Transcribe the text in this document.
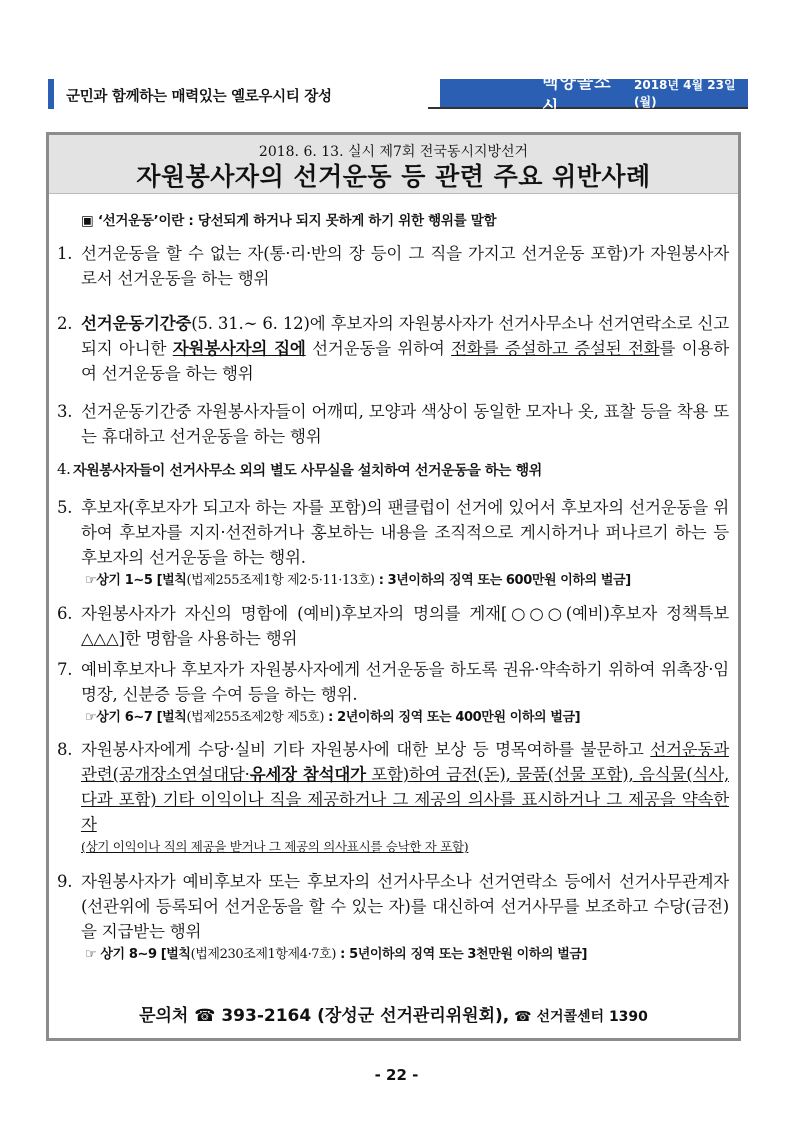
군민과 함께하는 매력있는 옐로우시티 장성
백양골소식
2018년 4월 23일(월)
2018. 6. 13. 실시 제7회 전국동시지방선거
자원봉사자의 선거운동 등 관련 주요 위반사례
▣ ‘선거운동’이란 : 당선되게 하거나 되지 못하게 하기 위한 행위를 말함
1. 선거운동을 할 수 없는 자(통·리·반의 장 등이 그 직을 가지고 선거운동 포함)가 자원봉사자로서 선거운동을 하는 행위
2. 선거운동기간중(5. 31.∼ 6. 12)에 후보자의 자원봉사자가 선거사무소나 선거연락소로 신고 되지 아니한 자원봉사자의 집에 선거운동을 위하여 전화를 증설하고 증설된 전화를 이용하여 선거운동을 하는 행위
3. 선거운동기간중 자원봉사자들이 어깨띠, 모양과 색상이 동일한 모자나 옷, 표찰 등을 착용 또는 휴대하고 선거운동을 하는 행위
4. 자원봉사자들이 선거사무소 외의 별도 사무실을 설치하여 선거운동을 하는 행위
5. 후보자(후보자가 되고자 하는 자를 포함)의 팬클럽이 선거에 있어서 후보자의 선거운동을 위하여 후보자를 지지·선전하거나 홍보하는 내용을 조직적으로 게시하거나 퍼나르기 하는 등 후보자의 선거운동을 하는 행위.
☞상기 1∼5 [벌칙(법제255조제1항 제2·5·11·13호) : 3년이하의 징역 또는 600만원 이하의 벌금]
6. 자원봉사자가 자신의 명함에 (예비)후보자의 명의를 게재[○○○(예비)후보자 정책특보 △△△]한 명함을 사용하는 행위
7. 예비후보자나 후보자가 자원봉사자에게 선거운동을 하도록 권유·약속하기 위하여 위촉장·임명장, 신분증 등을 수여 등을 하는 행위.
☞상기 6∼7 [벌칙(법제255조제2항 제5호) : 2년이하의 징역 또는 400만원 이하의 벌금]
8. 자원봉사자에게 수당·실비 기타 자원봉사에 대한 보상 등 명목여하를 불문하고 선거운동과 관련(공개장소연설대담·유세장 참석대가 포함)하여 금전(돈), 물품(선물 포함), 음식물(식사, 다과 포함) 기타 이익이나 직을 제공하거나 그 제공의 의사를 표시하거나 그 제공을 약속한 자
(상기 이익이나 직의 제공을 받거나 그 제공의 의사표시를 승낙한 자 포함)
9. 자원봉사자가 예비후보자 또는 후보자의 선거사무소나 선거연락소 등에서 선거사무관계자(선관위에 등록되어 선거운동을 할 수 있는 자)를 대신하여 선거사무를 보조하고 수당(금전)을 지급받는 행위
☞ 상기 8∼9 [벌칙(법제230조제1항제4·7호) : 5년이하의 징역 또는 3천만원 이하의 벌금]
문의처 ☎ 393-2164 (장성군 선거관리위원회), ☎ 선거콜센터 1390
- 22 -
